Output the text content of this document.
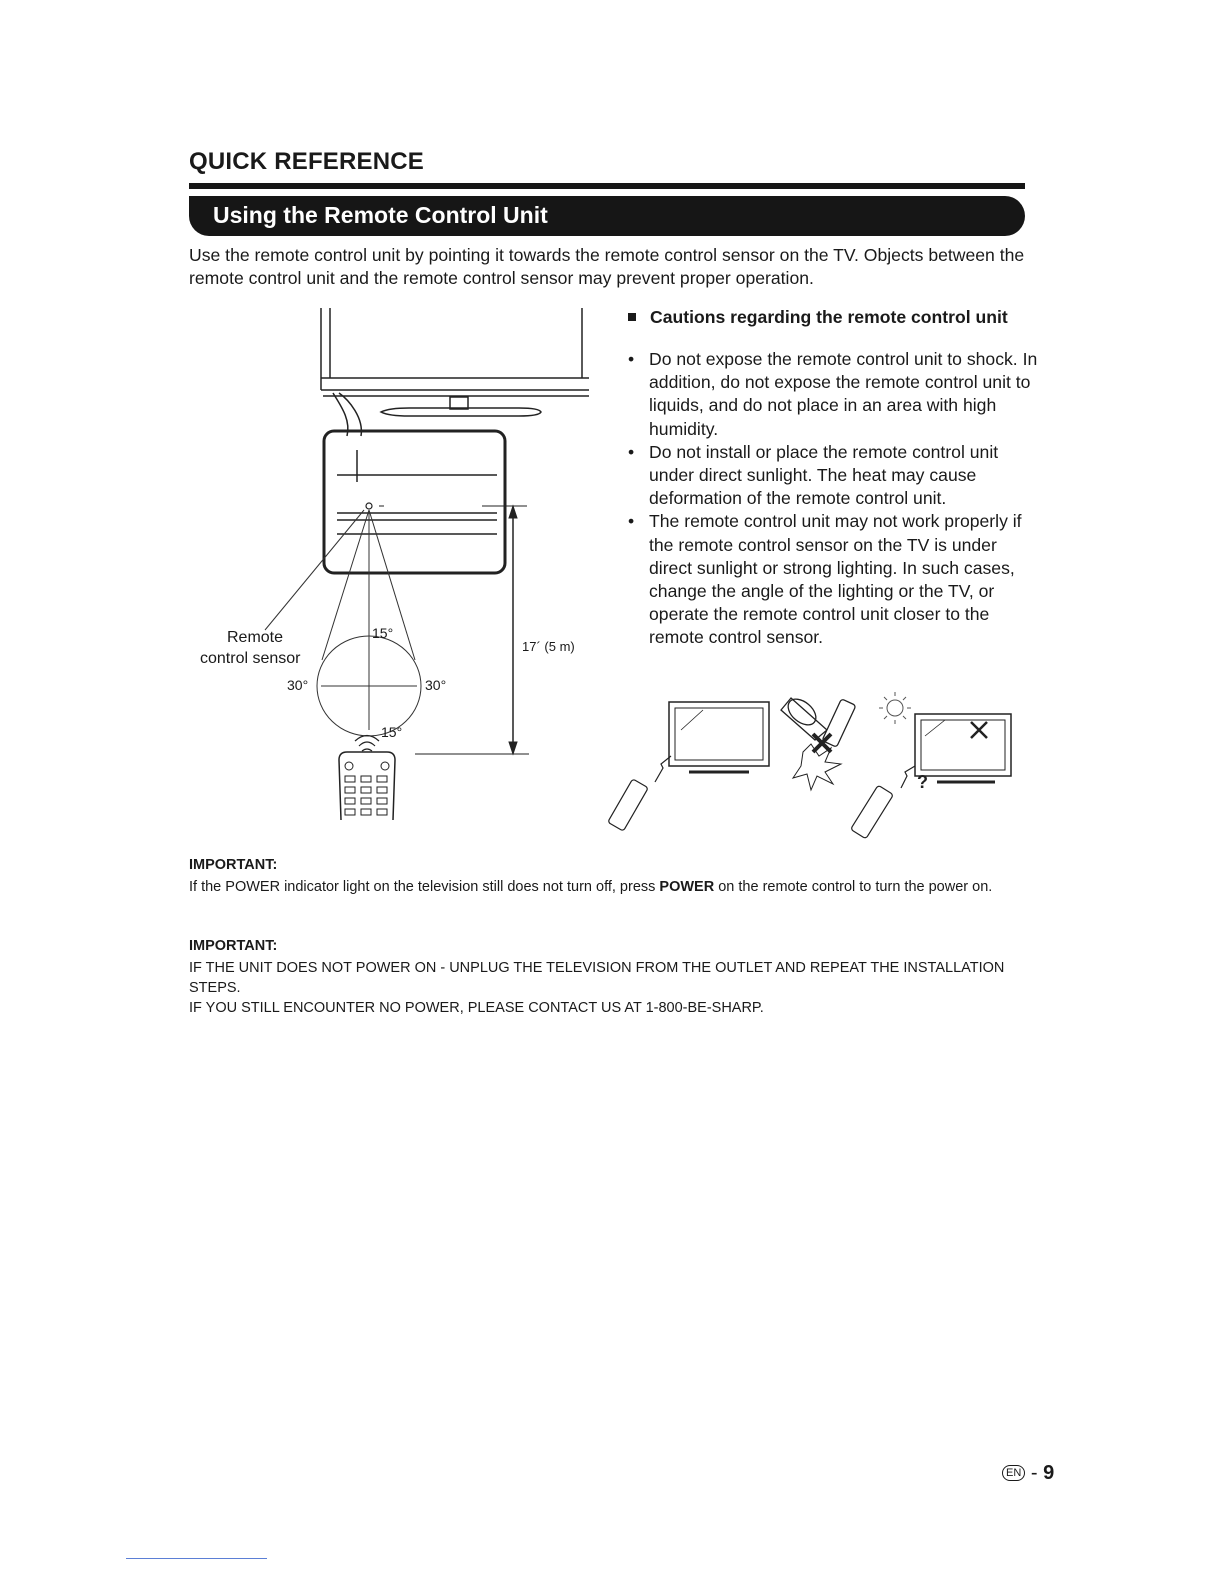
QUICK REFERENCE
Using the Remote Control Unit
Use the remote control unit by pointing it towards the remote control sensor on the TV. Objects between the remote control unit and the remote control sensor may prevent proper operation.
Remote
control sensor
15°
30°	30°
15°
17´ (5 m)
Cautions regarding the remote control unit
• Do not expose the remote control unit to shock. In addition, do not expose the remote control unit to liquids, and do not place in an area with high humidity.
• Do not install or place the remote control unit under direct sunlight. The heat may cause deformation of the remote control unit.
• The remote control unit may not work properly if the remote control sensor on the TV is under direct sunlight or strong lighting. In such cases, change the angle of the lighting or the TV, or operate the remote control unit closer to the remote control sensor.
?
IMPORTANT:
If the POWER indicator light on the television still does not turn off, press POWER on the remote control to turn the power on.
IMPORTANT:
IF THE UNIT DOES NOT POWER ON - UNPLUG THE TELEVISION FROM THE OUTLET AND REPEAT THE INSTALLATION STEPS.
IF YOU STILL ENCOUNTER NO POWER, PLEASE CONTACT US AT 1-800-BE-SHARP.
EN - 9
